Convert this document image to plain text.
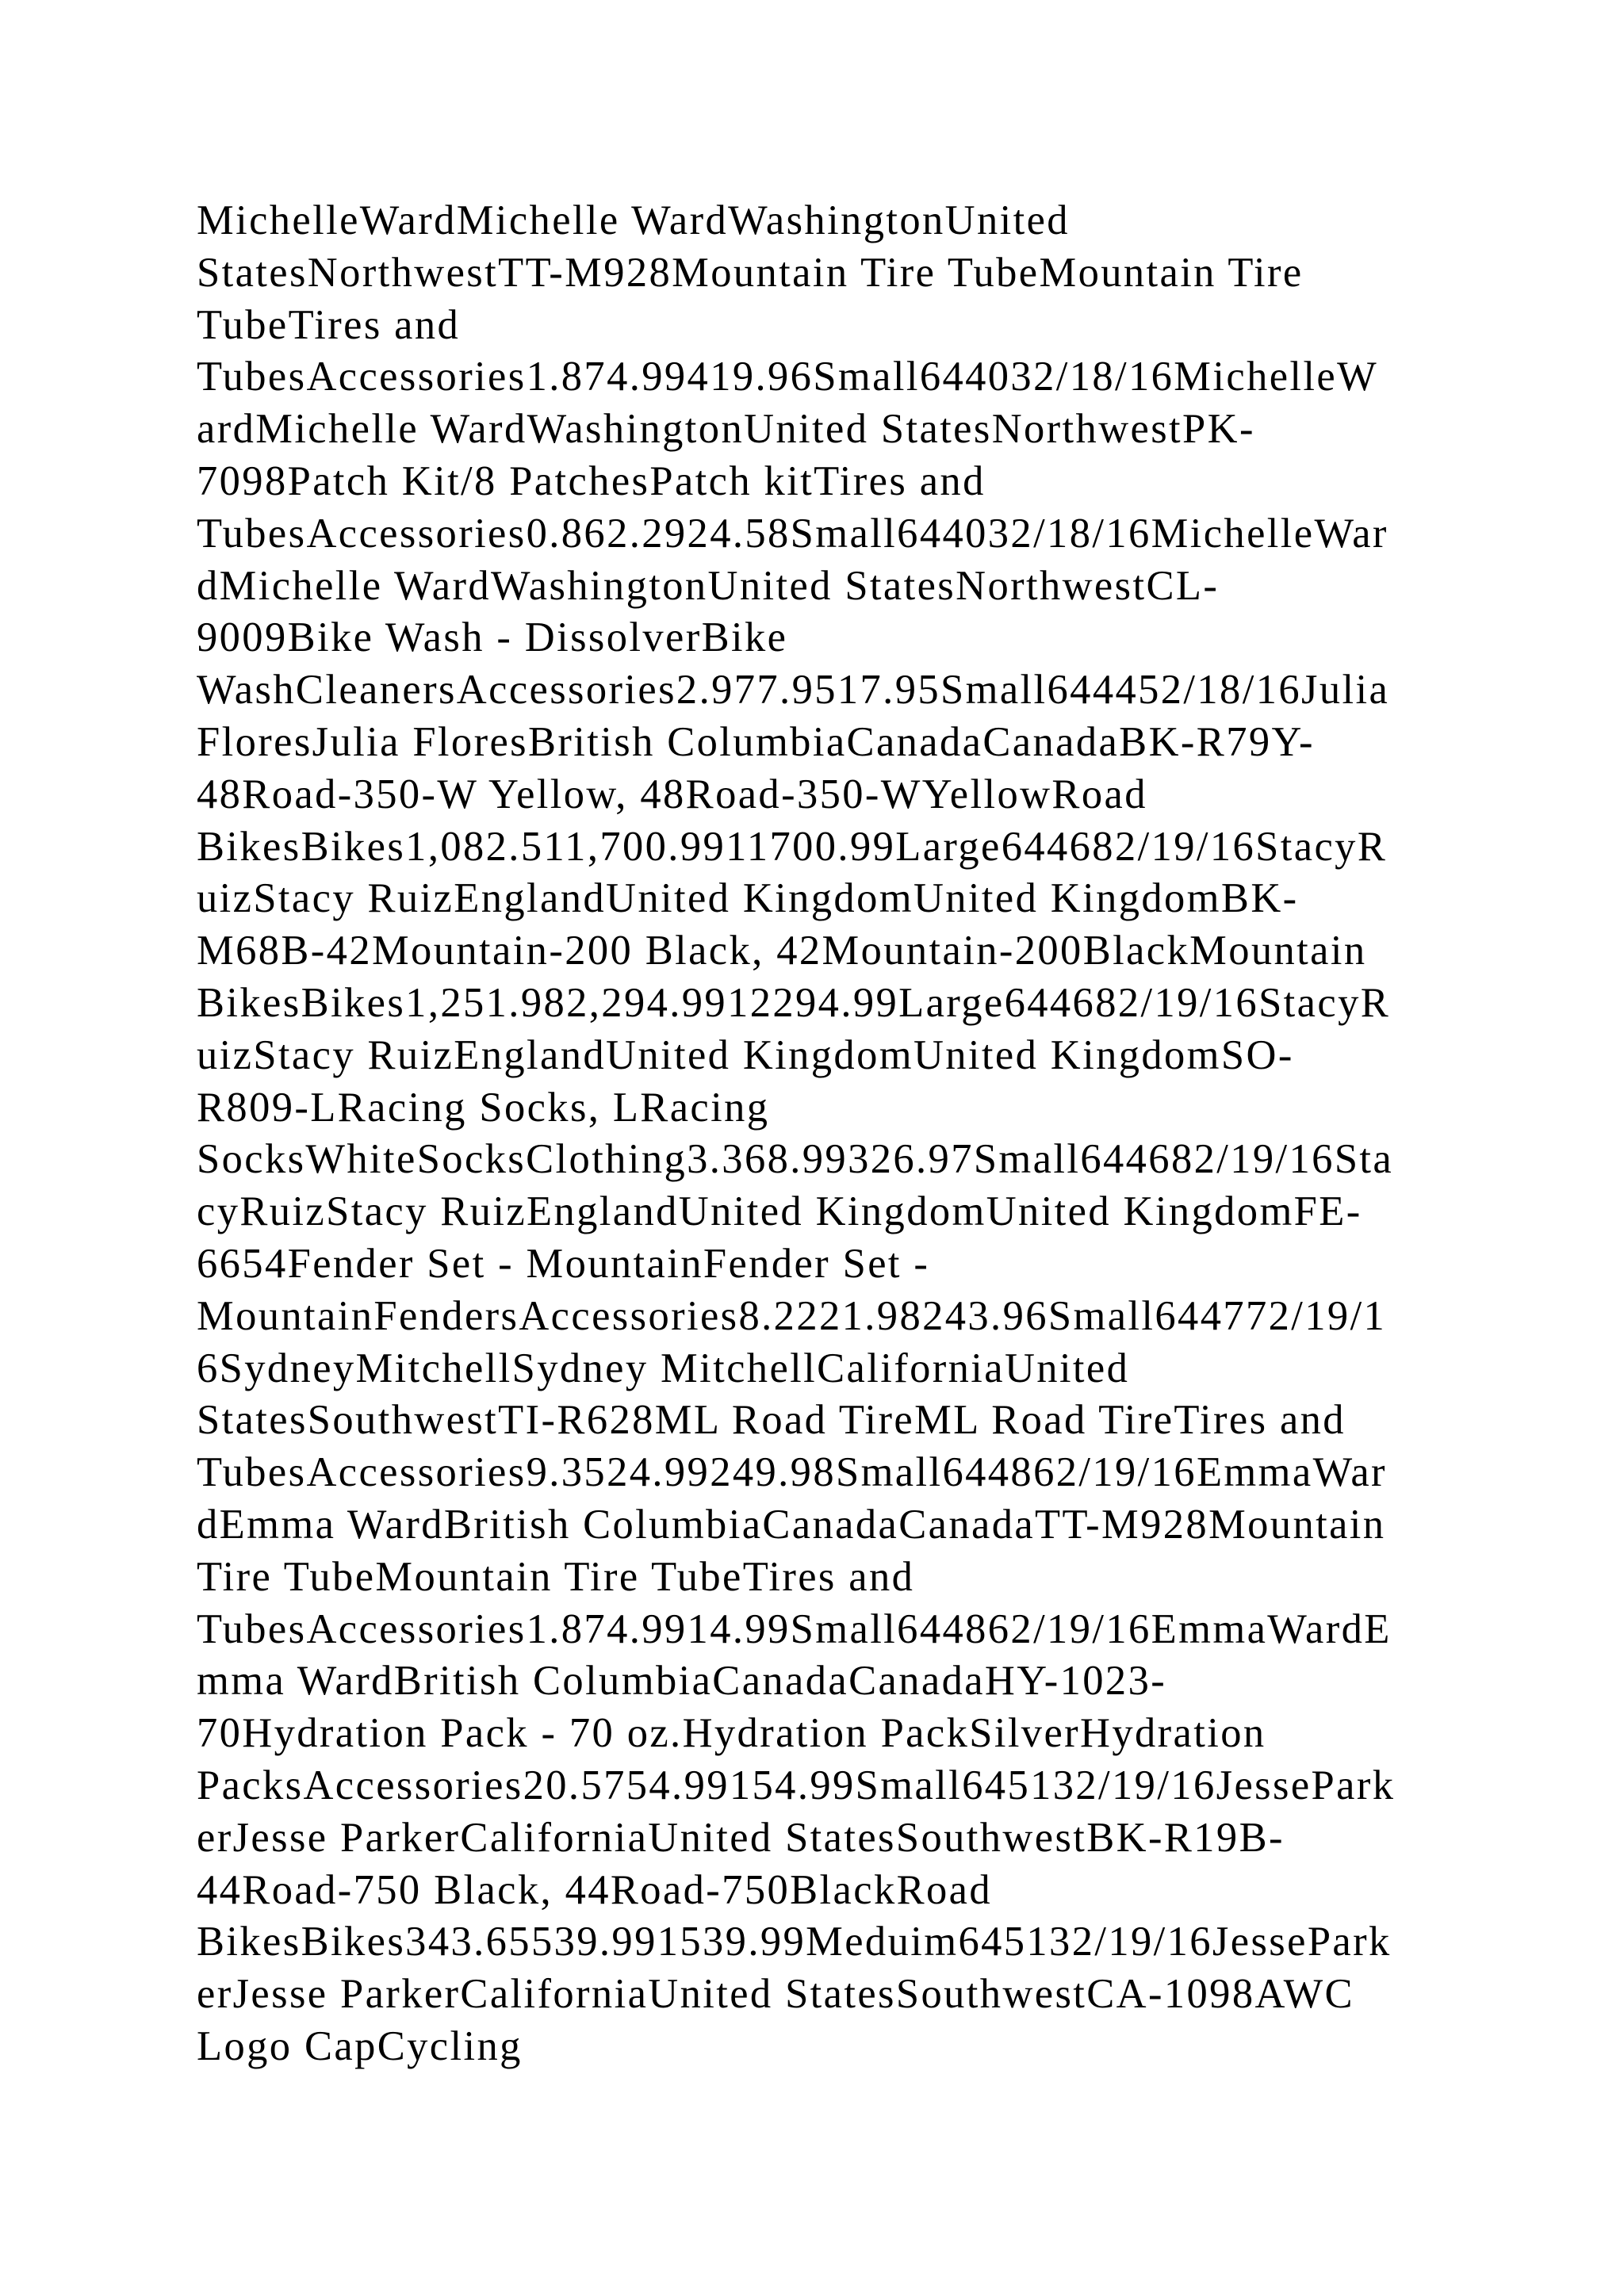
MichelleWardMichelle WardWashingtonUnited
StatesNorthwestTT-M928Mountain Tire TubeMountain Tire
TubeTires and
TubesAccessories1.874.99419.96Small644032/18/16MichelleW
ardMichelle WardWashingtonUnited StatesNorthwestPK-
7098Patch Kit/8 PatchesPatch kitTires and
TubesAccessories0.862.2924.58Small644032/18/16MichelleWar
dMichelle WardWashingtonUnited StatesNorthwestCL-
9009Bike Wash - DissolverBike
WashCleanersAccessories2.977.9517.95Small644452/18/16Julia
FloresJulia FloresBritish ColumbiaCanadaCanadaBK-R79Y-
48Road-350-W Yellow, 48Road-350-WYellowRoad
BikesBikes1,082.511,700.9911700.99Large644682/19/16StacyR
uizStacy RuizEnglandUnited KingdomUnited KingdomBK-
M68B-42Mountain-200 Black, 42Mountain-200BlackMountain
BikesBikes1,251.982,294.9912294.99Large644682/19/16StacyR
uizStacy RuizEnglandUnited KingdomUnited KingdomSO-
R809-LRacing Socks, LRacing
SocksWhiteSocksClothing3.368.99326.97Small644682/19/16Sta
cyRuizStacy RuizEnglandUnited KingdomUnited KingdomFE-
6654Fender Set - MountainFender Set -
MountainFendersAccessories8.2221.98243.96Small644772/19/1
6SydneyMitchellSydney MitchellCaliforniaUnited
StatesSouthwestTI-R628ML Road TireML Road TireTires and
TubesAccessories9.3524.99249.98Small644862/19/16EmmaWar
dEmma WardBritish ColumbiaCanadaCanadaTT-M928Mountain
Tire TubeMountain Tire TubeTires and
TubesAccessories1.874.9914.99Small644862/19/16EmmaWardE
mma WardBritish ColumbiaCanadaCanadaHY-1023-
70Hydration Pack - 70 oz.Hydration PackSilverHydration
PacksAccessories20.5754.99154.99Small645132/19/16JessePark
erJesse ParkerCaliforniaUnited StatesSouthwestBK-R19B-
44Road-750 Black, 44Road-750BlackRoad
BikesBikes343.65539.991539.99Meduim645132/19/16JessePark
erJesse ParkerCaliforniaUnited StatesSouthwestCA-1098AWC
Logo CapCycling
